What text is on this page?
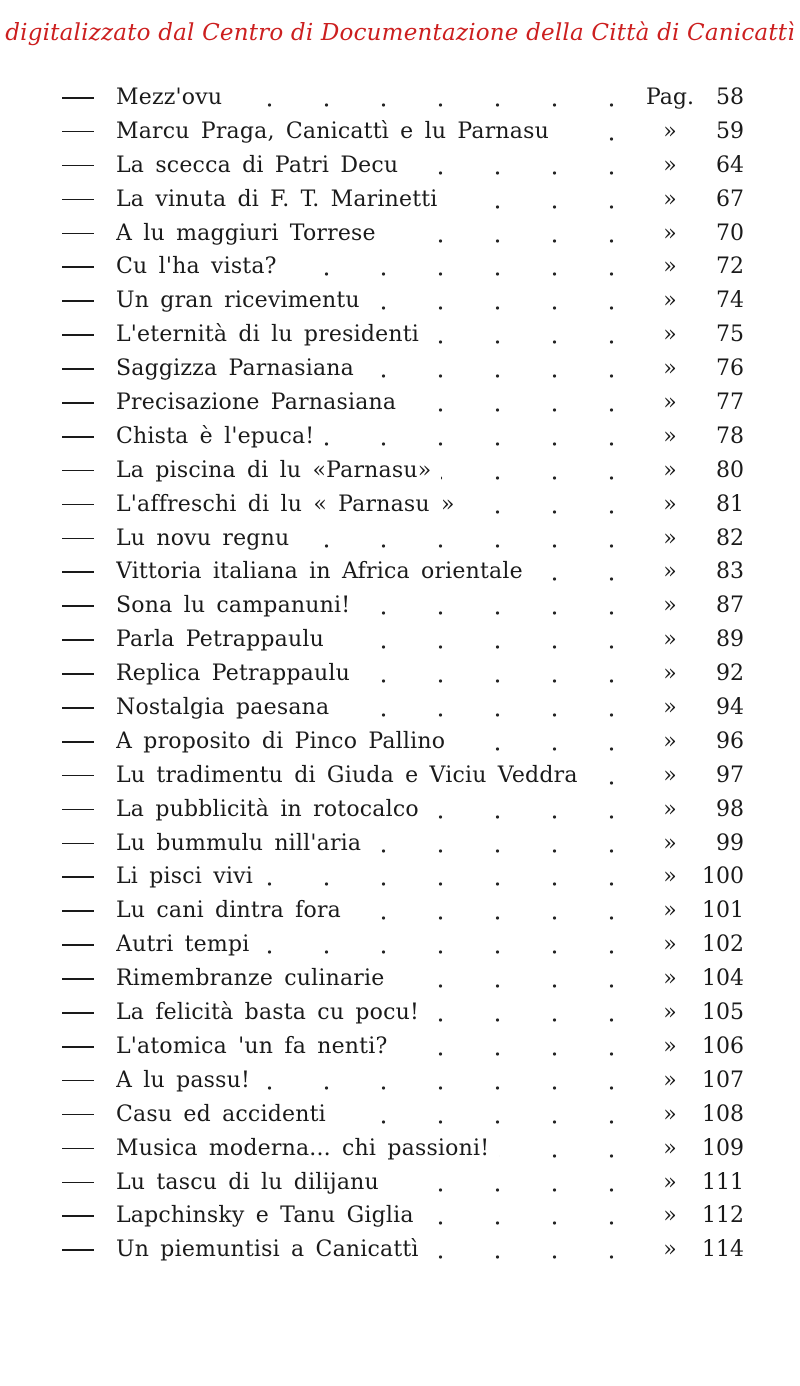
digitalizzato dal Centro di Documentazione della Città di Canicattì
Mezz'ovu	Pag.	58
Marcu Praga, Canicattì e lu Parnasu	»	59
La scecca di Patri Decu	»	64
La vinuta di F. T. Marinetti	»	67
A lu maggiuri Torrese	»	70
Cu l'ha vista?	»	72
Un gran ricevimentu	»	74
L'eternità di lu presidenti	»	75
Saggizza Parnasiana	»	76
Precisazione Parnasiana	»	77
Chista è l'epuca!	»	78
La piscina di lu «Parnasu»	»	80
L'affreschi di lu « Parnasu »	»	81
Lu novu regnu	»	82
Vittoria italiana in Africa orientale	»	83
Sona lu campanuni!	»	87
Parla Petrappaulu	»	89
Replica Petrappaulu	»	92
Nostalgia paesana	»	94
A proposito di Pinco Pallino	»	96
Lu tradimentu di Giuda e Viciu Veddra	»	97
La pubblicità in rotocalco	»	98
Lu bummulu nill'aria	»	99
Li pisci vivi	»	100
Lu cani dintra fora	»	101
Autri tempi	»	102
Rimembranze culinarie	»	104
La felicità basta cu pocu!	»	105
L'atomica 'un fa nenti?	»	106
A lu passu!	»	107
Casu ed accidenti	»	108
Musica moderna... chi passioni!	»	109
Lu tascu di lu dilijanu	»	111
Lapchinsky e Tanu Giglia	»	112
Un piemuntisi a Canicattì	»	114
